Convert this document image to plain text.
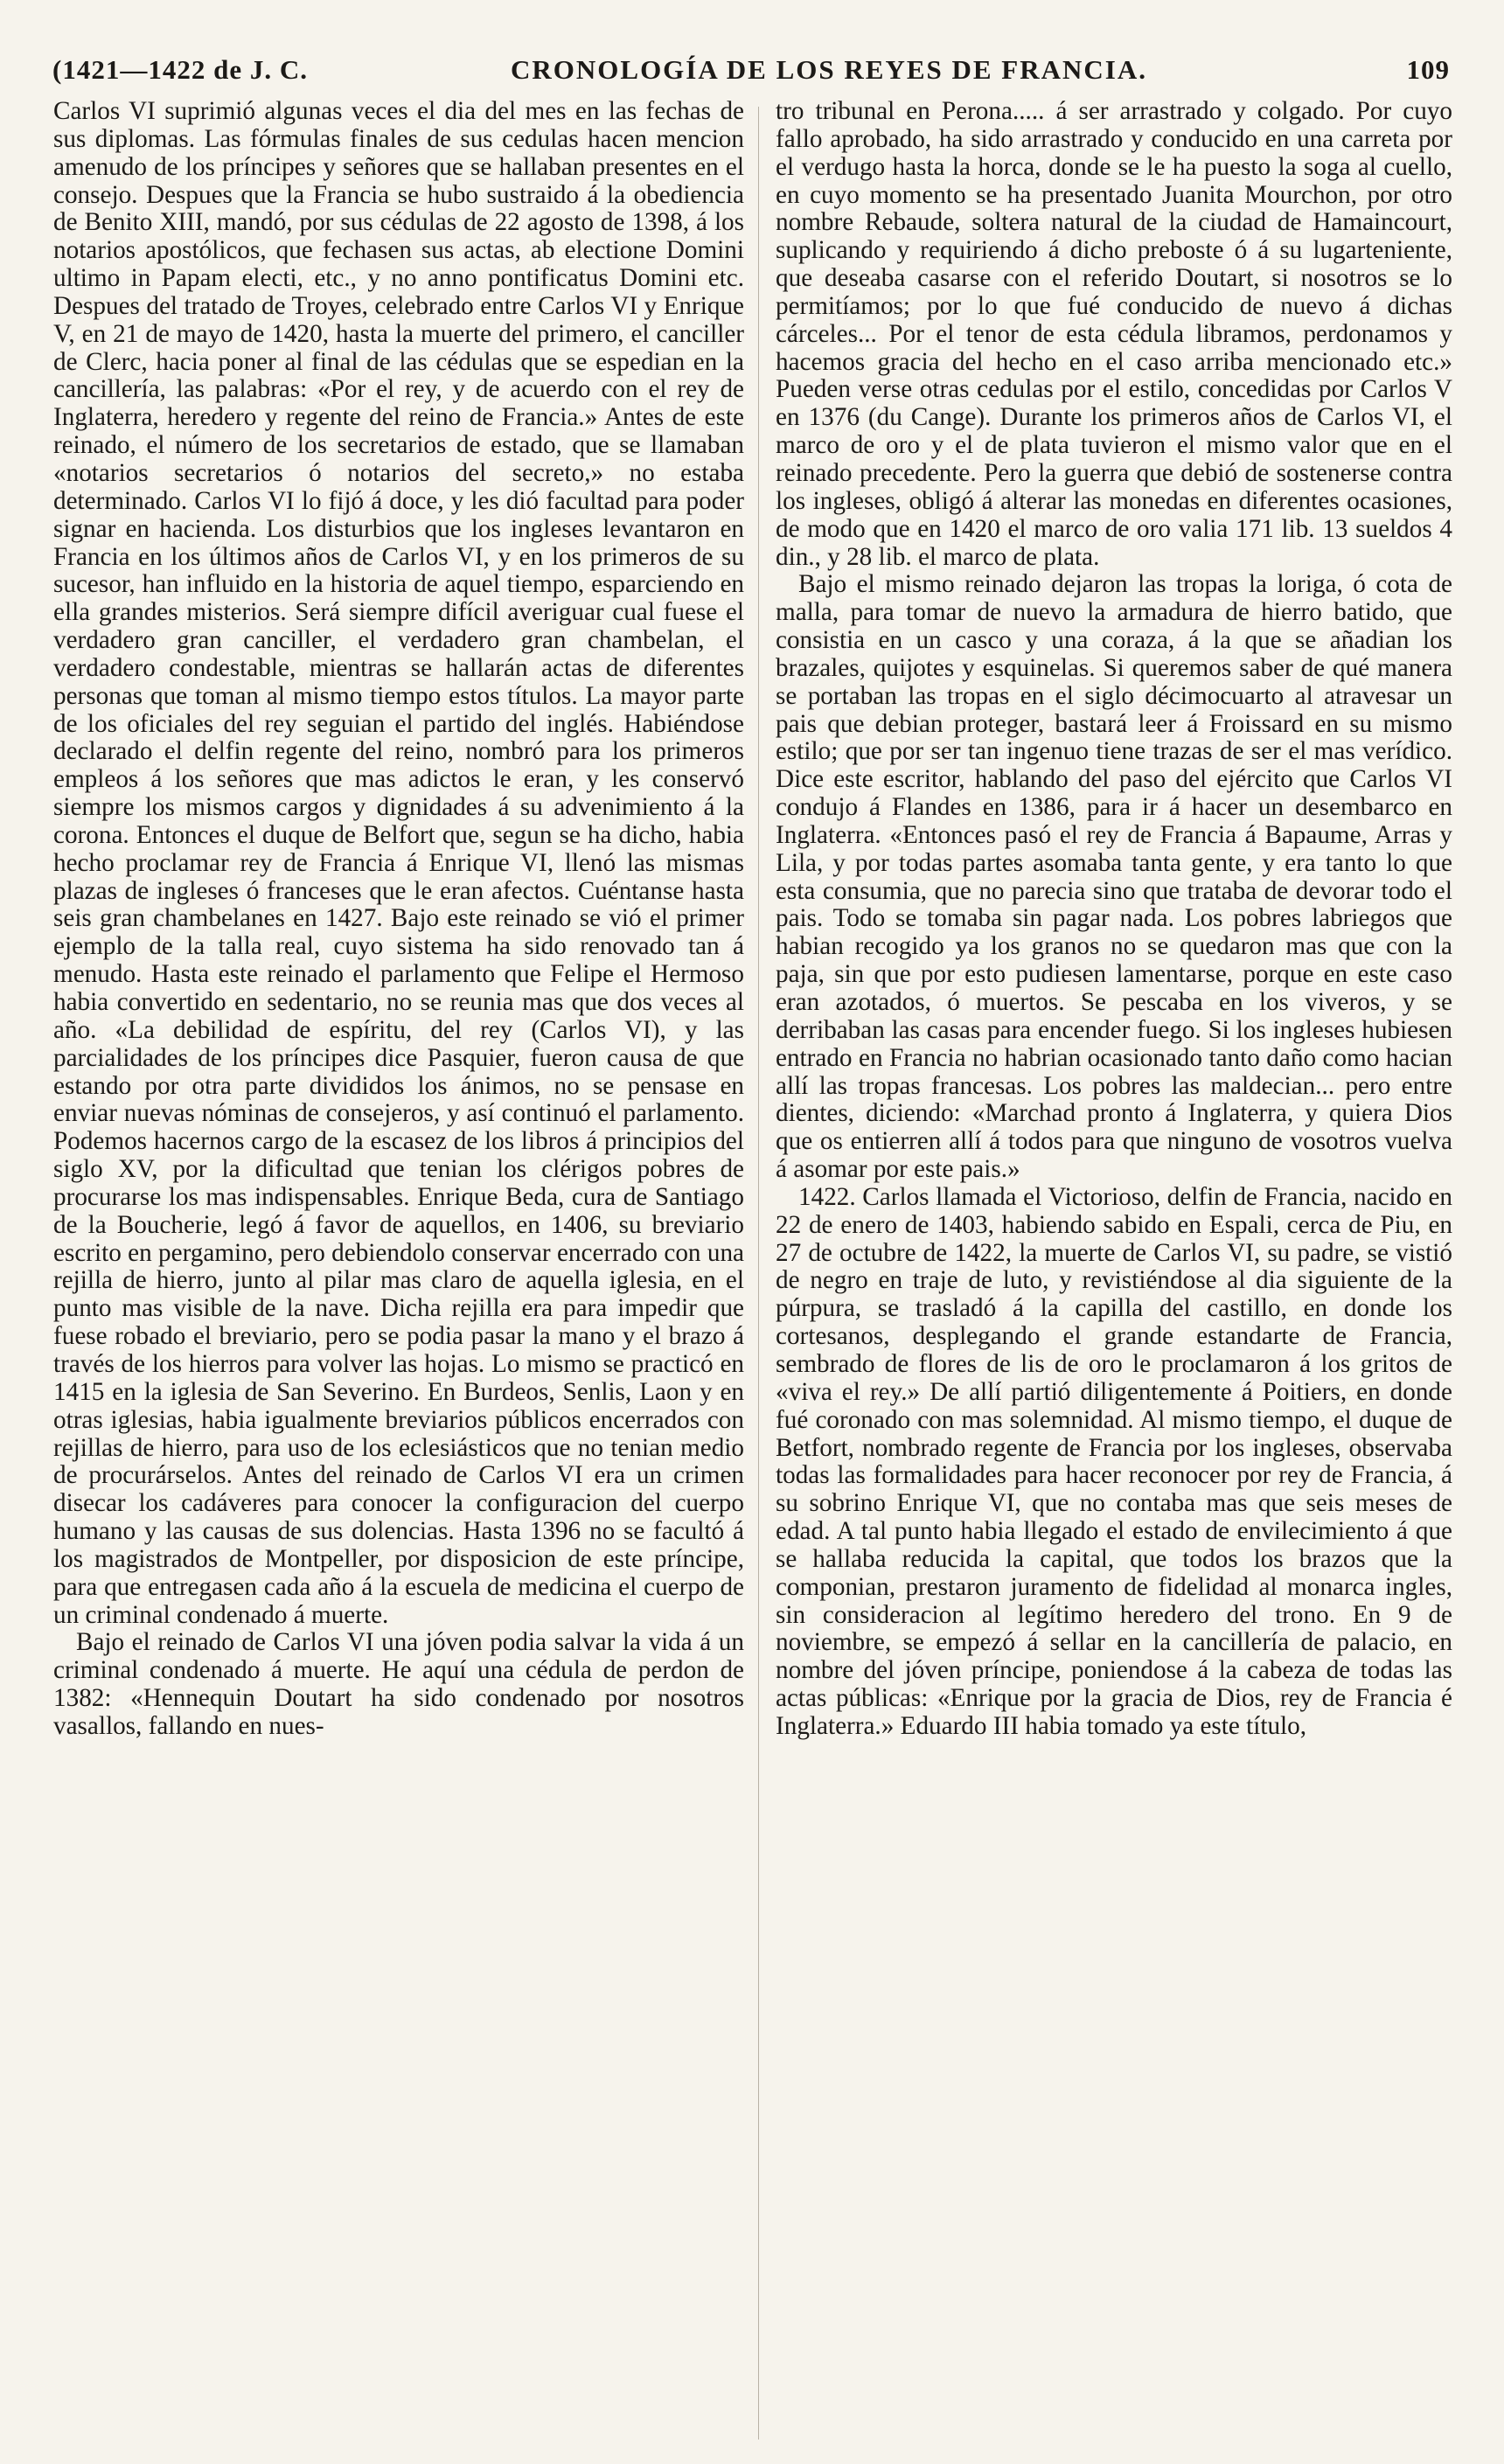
(1421—1422 de J. C.	CRONOLOGÍA DE LOS REYES DE FRANCIA.	109

Carlos VI suprimió algunas veces el dia del mes en las fechas de sus diplomas. Las fórmulas finales de sus cedulas hacen mencion amenudo de los príncipes y señores que se hallaban presentes en el consejo. Despues que la Francia se hubo sustraido á la obediencia de Benito XIII, mandó, por sus cédulas de 22 agosto de 1398, á los notarios apostólicos, que fechasen sus actas, ab electione Domini ultimo in Papam electi, etc., y no anno pontificatus Domini etc. Despues del tratado de Troyes, celebrado entre Carlos VI y Enrique V, en 21 de mayo de 1420, hasta la muerte del primero, el canciller de Clerc, hacia poner al final de las cédulas que se espedian en la cancillería, las palabras: «Por el rey, y de acuerdo con el rey de Inglaterra, heredero y regente del reino de Francia.» Antes de este reinado, el número de los secretarios de estado, que se llamaban «notarios secretarios ó notarios del secreto,» no estaba determinado. Carlos VI lo fijó á doce, y les dió facultad para poder signar en hacienda. Los disturbios que los ingleses levantaron en Francia en los últimos años de Carlos VI, y en los primeros de su sucesor, han influido en la historia de aquel tiempo, esparciendo en ella grandes misterios. Será siempre difícil averiguar cual fuese el verdadero gran canciller, el verdadero gran chambelan, el verdadero condestable, mientras se hallarán actas de diferentes personas que toman al mismo tiempo estos títulos. La mayor parte de los oficiales del rey seguian el partido del inglés. Habiéndose declarado el delfin regente del reino, nombró para los primeros empleos á los señores que mas adictos le eran, y les conservó siempre los mismos cargos y dignidades á su advenimiento á la corona. Entonces el duque de Belfort que, segun se ha dicho, habia hecho proclamar rey de Francia á Enrique VI, llenó las mismas plazas de ingleses ó franceses que le eran afectos. Cuéntanse hasta seis gran chambelanes en 1427. Bajo este reinado se vió el primer ejemplo de la talla real, cuyo sistema ha sido renovado tan á menudo. Hasta este reinado el parlamento que Felipe el Hermoso habia convertido en sedentario, no se reunia mas que dos veces al año. «La debilidad de espíritu, del rey (Carlos VI), y las parcialidades de los príncipes dice Pasquier, fueron causa de que estando por otra parte divididos los ánimos, no se pensase en enviar nuevas nóminas de consejeros, y así continuó el parlamento. Podemos hacernos cargo de la escasez de los libros á principios del siglo XV, por la dificultad que tenian los clérigos pobres de procurarse los mas indispensables. Enrique Beda, cura de Santiago de la Boucherie, legó á favor de aquellos, en 1406, su breviario escrito en pergamino, pero debiendolo conservar encerrado con una rejilla de hierro, junto al pilar mas claro de aquella iglesia, en el punto mas visible de la nave. Dicha rejilla era para impedir que fuese robado el breviario, pero se podia pasar la mano y el brazo á través de los hierros para volver las hojas. Lo mismo se practicó en 1415 en la iglesia de San Severino. En Burdeos, Senlis, Laon y en otras iglesias, habia igualmente breviarios públicos encerrados con rejillas de hierro, para uso de los eclesiásticos que no tenian medio de procurárselos. Antes del reinado de Carlos VI era un crimen disecar los cadáveres para conocer la configuracion del cuerpo humano y las causas de sus dolencias. Hasta 1396 no se facultó á los magistrados de Montpeller, por disposicion de este príncipe, para que entregasen cada año á la escuela de medicina el cuerpo de un criminal condenado á muerte.

Bajo el reinado de Carlos VI una jóven podia salvar la vida á un criminal condenado á muerte. He aquí una cédula de perdon de 1382: «Hennequin Doutart ha sido condenado por nosotros vasallos, fallando en nues-

tro tribunal en Perona..... á ser arrastrado y colgado. Por cuyo fallo aprobado, ha sido arrastrado y conducido en una carreta por el verdugo hasta la horca, donde se le ha puesto la soga al cuello, en cuyo momento se ha presentado Juanita Mourchon, por otro nombre Rebaude, soltera natural de la ciudad de Hamaincourt, suplicando y requiriendo á dicho preboste ó á su lugarteniente, que deseaba casarse con el referido Doutart, si nosotros se lo permitíamos; por lo que fué conducido de nuevo á dichas cárceles... Por el tenor de esta cédula libramos, perdonamos y hacemos gracia del hecho en el caso arriba mencionado etc.» Pueden verse otras cedulas por el estilo, concedidas por Carlos V en 1376 (du Cange). Durante los primeros años de Carlos VI, el marco de oro y el de plata tuvieron el mismo valor que en el reinado precedente. Pero la guerra que debió de sostenerse contra los ingleses, obligó á alterar las monedas en diferentes ocasiones, de modo que en 1420 el marco de oro valia 171 lib. 13 sueldos 4 din., y 28 lib. el marco de plata.

Bajo el mismo reinado dejaron las tropas la loriga, ó cota de malla, para tomar de nuevo la armadura de hierro batido, que consistia en un casco y una coraza, á la que se añadian los brazales, quijotes y esquinelas. Si queremos saber de qué manera se portaban las tropas en el siglo décimocuarto al atravesar un pais que debian proteger, bastará leer á Froissard en su mismo estilo; que por ser tan ingenuo tiene trazas de ser el mas verídico. Dice este escritor, hablando del paso del ejército que Carlos VI condujo á Flandes en 1386, para ir á hacer un desembarco en Inglaterra. «Entonces pasó el rey de Francia á Bapaume, Arras y Lila, y por todas partes asomaba tanta gente, y era tanto lo que esta consumia, que no parecia sino que trataba de devorar todo el pais. Todo se tomaba sin pagar nada. Los pobres labriegos que habian recogido ya los granos no se quedaron mas que con la paja, sin que por esto pudiesen lamentarse, porque en este caso eran azotados, ó muertos. Se pescaba en los viveros, y se derribaban las casas para encender fuego. Si los ingleses hubiesen entrado en Francia no habrian ocasionado tanto daño como hacian allí las tropas francesas. Los pobres las maldecian... pero entre dientes, diciendo: «Marchad pronto á Inglaterra, y quiera Dios que os entierren allí á todos para que ninguno de vosotros vuelva á asomar por este pais.»

1422. Carlos llamada el Victorioso, delfin de Francia, nacido en 22 de enero de 1403, habiendo sabido en Espali, cerca de Piu, en 27 de octubre de 1422, la muerte de Carlos VI, su padre, se vistió de negro en traje de luto, y revistiéndose al dia siguiente de la púrpura, se trasladó á la capilla del castillo, en donde los cortesanos, desplegando el grande estandarte de Francia, sembrado de flores de lis de oro le proclamaron á los gritos de «viva el rey.» De allí partió diligentemente á Poitiers, en donde fué coronado con mas solemnidad. Al mismo tiempo, el duque de Betfort, nombrado regente de Francia por los ingleses, observaba todas las formalidades para hacer reconocer por rey de Francia, á su sobrino Enrique VI, que no contaba mas que seis meses de edad. A tal punto habia llegado el estado de envilecimiento á que se hallaba reducida la capital, que todos los brazos que la componian, prestaron juramento de fidelidad al monarca ingles, sin consideracion al legítimo heredero del trono. En 9 de noviembre, se empezó á sellar en la cancillería de palacio, en nombre del jóven príncipe, poniendose á la cabeza de todas las actas públicas: «Enrique por la gracia de Dios, rey de Francia é Inglaterra.» Eduardo III habia tomado ya este título,
